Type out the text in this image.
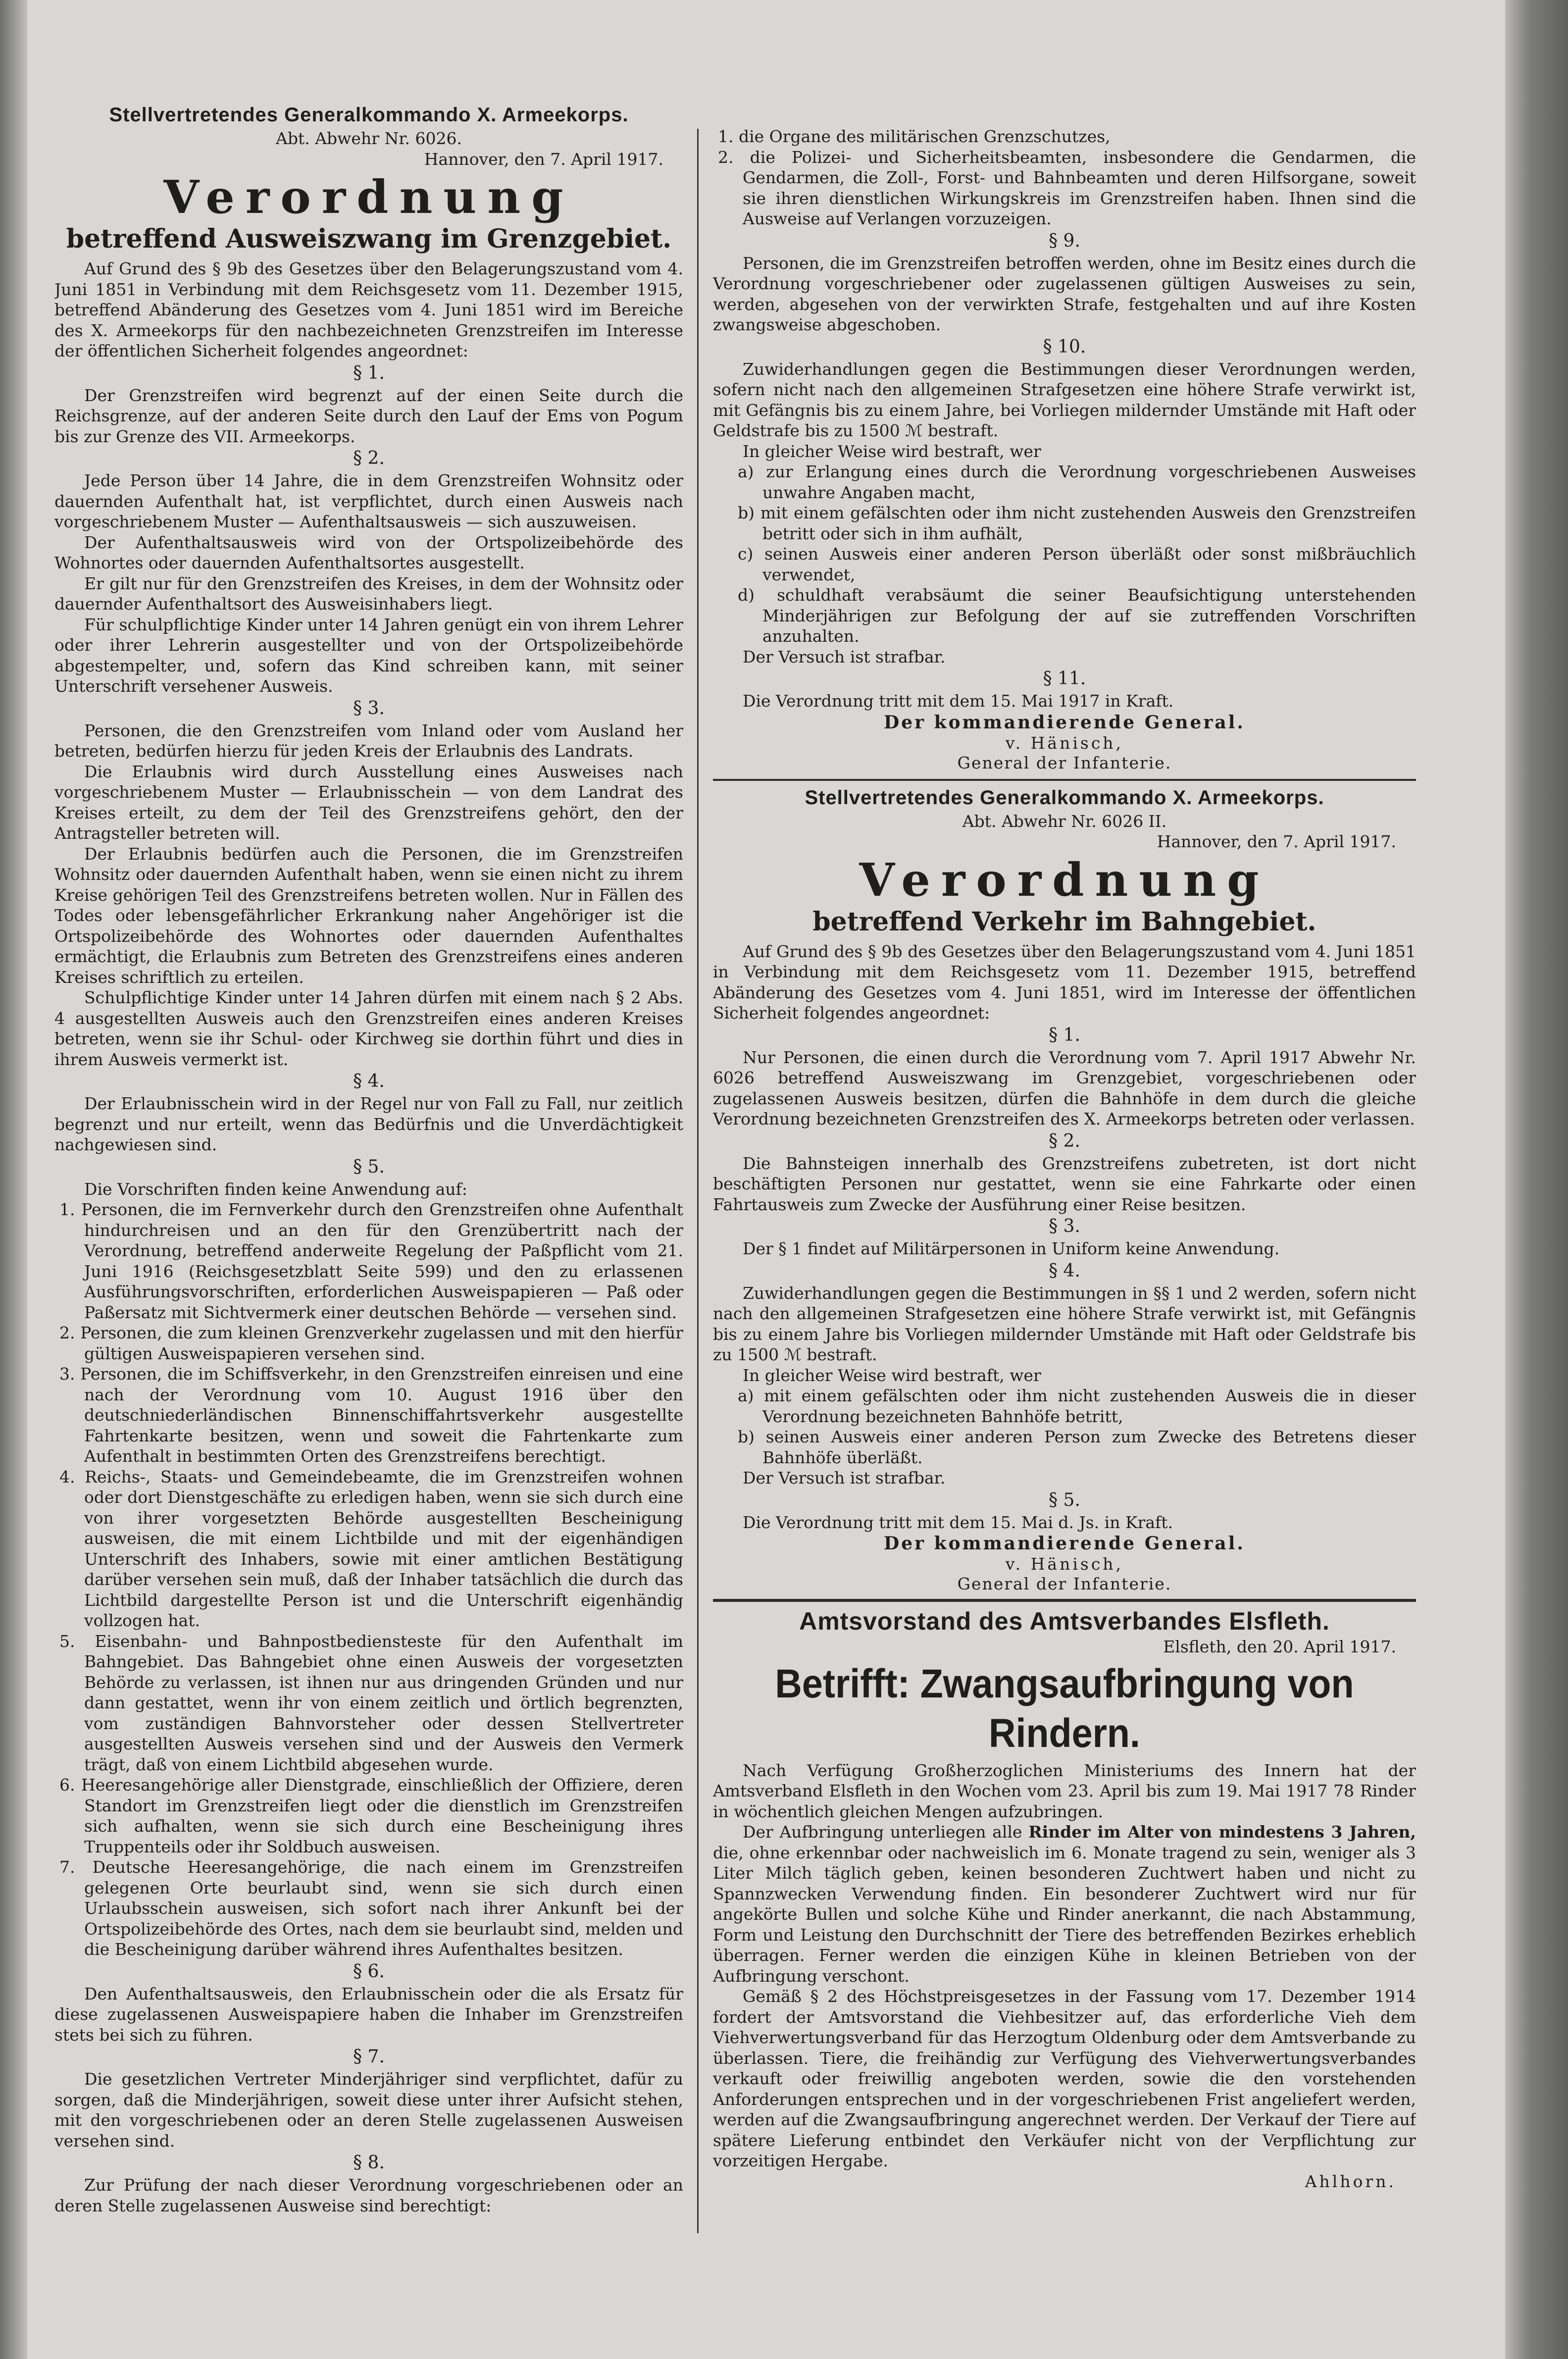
Stellvertretendes Generalkommando X. Armeekorps.

Abt. Abwehr Nr. 6026.

Hannover, den 7. April 1917.

Verordnung

betreffend Ausweiszwang im Grenzgebiet.

Auf Grund des § 9b des Gesetzes über den Belagerungszustand vom 4. Juni 1851 in Verbindung mit dem Reichsgesetz vom 11. Dezember 1915, betreffend Abänderung des Gesetzes vom 4. Juni 1851 wird im Bereiche des X. Armeekorps für den nachbezeichneten Grenzstreifen im Interesse der öffentlichen Sicherheit folgendes angeordnet:

§ 1.

Der Grenzstreifen wird begrenzt auf der einen Seite durch die Reichsgrenze, auf der anderen Seite durch den Lauf der Ems von Pogum bis zur Grenze des VII. Armeekorps.

§ 2.

Jede Person über 14 Jahre, die in dem Grenzstreifen Wohnsitz oder dauernden Aufenthalt hat, ist verpflichtet, durch einen Ausweis nach vorgeschriebenem Muster — Aufenthaltsausweis — sich auszuweisen.

Der Aufenthaltsausweis wird von der Ortspolizeibehörde des Wohnortes oder dauernden Aufenthaltsortes ausgestellt.

Er gilt nur für den Grenzstreifen des Kreises, in dem der Wohnsitz oder dauernder Aufenthaltsort des Ausweisinhabers liegt.

Für schulpflichtige Kinder unter 14 Jahren genügt ein von ihrem Lehrer oder ihrer Lehrerin ausgestellter und von der Ortspolizeibehörde abgestempelter, und, sofern das Kind schreiben kann, mit seiner Unterschrift versehener Ausweis.

§ 3.

Personen, die den Grenzstreifen vom Inland oder vom Ausland her betreten, bedürfen hierzu für jeden Kreis der Erlaubnis des Landrats.

Die Erlaubnis wird durch Ausstellung eines Ausweises nach vorgeschriebenem Muster — Erlaubnisschein — von dem Landrat des Kreises erteilt, zu dem der Teil des Grenzstreifens gehört, den der Antragsteller betreten will.

Der Erlaubnis bedürfen auch die Personen, die im Grenzstreifen Wohnsitz oder dauernden Aufenthalt haben, wenn sie einen nicht zu ihrem Kreise gehörigen Teil des Grenzstreifens betreten wollen. Nur in Fällen des Todes oder lebensgefährlicher Erkrankung naher Angehöriger ist die Ortspolizeibehörde des Wohnortes oder dauernden Aufenthaltes ermächtigt, die Erlaubnis zum Betreten des Grenzstreifens eines anderen Kreises schriftlich zu erteilen.

Schulpflichtige Kinder unter 14 Jahren dürfen mit einem nach § 2 Abs. 4 ausgestellten Ausweis auch den Grenzstreifen eines anderen Kreises betreten, wenn sie ihr Schul- oder Kirchweg sie dorthin führt und dies in ihrem Ausweis vermerkt ist.

§ 4.

Der Erlaubnisschein wird in der Regel nur von Fall zu Fall, nur zeitlich begrenzt und nur erteilt, wenn das Bedürfnis und die Unverdächtigkeit nachgewiesen sind.

§ 5.

Die Vorschriften finden keine Anwendung auf:

1. Personen, die im Fernverkehr durch den Grenzstreifen ohne Aufenthalt hindurchreisen und an den für den Grenzübertritt nach der Verordnung, betreffend anderweite Regelung der Paßpflicht vom 21. Juni 1916 (Reichsgesetzblatt Seite 599) und den zu erlassenen Ausführungsvorschriften, erforderlichen Ausweispapieren — Paß oder Paßersatz mit Sichtvermerk einer deutschen Behörde — versehen sind.
2. Personen, die zum kleinen Grenzverkehr zugelassen und mit den hierfür gültigen Ausweispapieren versehen sind.
3. Personen, die im Schiffsverkehr, in den Grenzstreifen einreisen und eine nach der Verordnung vom 10. August 1916 über den deutschniederländischen Binnenschiffahrtsverkehr ausgestellte Fahrtenkarte besitzen, wenn und soweit die Fahrtenkarte zum Aufenthalt in bestimmten Orten des Grenzstreifens berechtigt.
4. Reichs-, Staats- und Gemeindebeamte, die im Grenzstreifen wohnen oder dort Dienstgeschäfte zu erledigen haben, wenn sie sich durch eine von ihrer vorgesetzten Behörde ausgestellten Bescheinigung ausweisen, die mit einem Lichtbilde und mit der eigenhändigen Unterschrift des Inhabers, sowie mit einer amtlichen Bestätigung darüber versehen sein muß, daß der Inhaber tatsächlich die durch das Lichtbild dargestellte Person ist und die Unterschrift eigenhändig vollzogen hat.
5. Eisenbahn- und Bahnpostbediensteste für den Aufenthalt im Bahngebiet. Das Bahngebiet ohne einen Ausweis der vorgesetzten Behörde zu verlassen, ist ihnen nur aus dringenden Gründen und nur dann gestattet, wenn ihr von einem zeitlich und örtlich begrenzten, vom zuständigen Bahnvorsteher oder dessen Stellvertreter ausgestellten Ausweis versehen sind und der Ausweis den Vermerk trägt, daß von einem Lichtbild abgesehen wurde.
6. Heeresangehörige aller Dienstgrade, einschließlich der Offiziere, deren Standort im Grenzstreifen liegt oder die dienstlich im Grenzstreifen sich aufhalten, wenn sie sich durch eine Bescheinigung ihres Truppenteils oder ihr Soldbuch ausweisen.
7. Deutsche Heeresangehörige, die nach einem im Grenzstreifen gelegenen Orte beurlaubt sind, wenn sie sich durch einen Urlaubsschein ausweisen, sich sofort nach ihrer Ankunft bei der Ortspolizeibehörde des Ortes, nach dem sie beurlaubt sind, melden und die Bescheinigung darüber während ihres Aufenthaltes besitzen.

§ 6.

Den Aufenthaltsausweis, den Erlaubnisschein oder die als Ersatz für diese zugelassenen Ausweispapiere haben die Inhaber im Grenzstreifen stets bei sich zu führen.

§ 7.

Die gesetzlichen Vertreter Minderjähriger sind verpflichtet, dafür zu sorgen, daß die Minderjährigen, soweit diese unter ihrer Aufsicht stehen, mit den vorgeschriebenen oder an deren Stelle zugelassenen Ausweisen versehen sind.

§ 8.

Zur Prüfung der nach dieser Verordnung vorgeschriebenen oder an deren Stelle zugelassenen Ausweise sind berechtigt:

1. die Organe des militärischen Grenzschutzes,
2. die Polizei- und Sicherheitsbeamten, insbesondere die Gendarmen, die Gendarmen, die Zoll-, Forst- und Bahnbeamten und deren Hilfsorgane, soweit sie ihren dienstlichen Wirkungskreis im Grenzstreifen haben. Ihnen sind die Ausweise auf Verlangen vorzuzeigen.

§ 9.

Personen, die im Grenzstreifen betroffen werden, ohne im Besitz eines durch die Verordnung vorgeschriebener oder zugelassenen gültigen Ausweises zu sein, werden, abgesehen von der verwirkten Strafe, festgehalten und auf ihre Kosten zwangsweise abgeschoben.

§ 10.

Zuwiderhandlungen gegen die Bestimmungen dieser Verordnungen werden, sofern nicht nach den allgemeinen Strafgesetzen eine höhere Strafe verwirkt ist, mit Gefängnis bis zu einem Jahre, bei Vorliegen mildernder Umstände mit Haft oder Geldstrafe bis zu 1500 ℳ bestraft.

In gleicher Weise wird bestraft, wer

a) zur Erlangung eines durch die Verordnung vorgeschriebenen Ausweises unwahre Angaben macht,
b) mit einem gefälschten oder ihm nicht zustehenden Ausweis den Grenzstreifen betritt oder sich in ihm aufhält,
c) seinen Ausweis einer anderen Person überläßt oder sonst mißbräuchlich verwendet,
d) schuldhaft verabsäumt die seiner Beaufsichtigung unterstehenden Minderjährigen zur Befolgung der auf sie zutreffenden Vorschriften anzuhalten.

Der Versuch ist strafbar.

§ 11.

Die Verordnung tritt mit dem 15. Mai 1917 in Kraft.

Der kommandierende General.

v. Hänisch,

General der Infanterie.

Stellvertretendes Generalkommando X. Armeekorps.

Abt. Abwehr Nr. 6026 II.

Hannover, den 7. April 1917.

Verordnung

betreffend Verkehr im Bahngebiet.

Auf Grund des § 9b des Gesetzes über den Belagerungszustand vom 4. Juni 1851 in Verbindung mit dem Reichsgesetz vom 11. Dezember 1915, betreffend Abänderung des Gesetzes vom 4. Juni 1851, wird im Interesse der öffentlichen Sicherheit folgendes angeordnet:

§ 1.

Nur Personen, die einen durch die Verordnung vom 7. April 1917 Abwehr Nr. 6026 betreffend Ausweiszwang im Grenzgebiet, vorgeschriebenen oder zugelassenen Ausweis besitzen, dürfen die Bahnhöfe in dem durch die gleiche Verordnung bezeichneten Grenzstreifen des X. Armeekorps betreten oder verlassen.

§ 2.

Die Bahnsteigen innerhalb des Grenzstreifens zubetreten, ist dort nicht beschäftigten Personen nur gestattet, wenn sie eine Fahrkarte oder einen Fahrtausweis zum Zwecke der Ausführung einer Reise besitzen.

§ 3.

Der § 1 findet auf Militärpersonen in Uniform keine Anwendung.

§ 4.

Zuwiderhandlungen gegen die Bestimmungen in §§ 1 und 2 werden, sofern nicht nach den allgemeinen Strafgesetzen eine höhere Strafe verwirkt ist, mit Gefängnis bis zu einem Jahre bis Vorliegen mildernder Umstände mit Haft oder Geldstrafe bis zu 1500 ℳ bestraft.

In gleicher Weise wird bestraft, wer

a) mit einem gefälschten oder ihm nicht zustehenden Ausweis die in dieser Verordnung bezeichneten Bahnhöfe betritt,
b) seinen Ausweis einer anderen Person zum Zwecke des Betretens dieser Bahnhöfe überläßt.

Der Versuch ist strafbar.

§ 5.

Die Verordnung tritt mit dem 15. Mai d. Js. in Kraft.

Der kommandierende General.

v. Hänisch,

General der Infanterie.

Amtsvorstand des Amtsverbandes Elsfleth.

Elsfleth, den 20. April 1917.

Betrifft: Zwangsaufbringung von Rindern.

Nach Verfügung Großherzoglichen Ministeriums des Innern hat der Amtsverband Elsfleth in den Wochen vom 23. April bis zum 19. Mai 1917 78 Rinder in wöchentlich gleichen Mengen aufzubringen.

Der Aufbringung unterliegen alle Rinder im Alter von mindestens 3 Jahren, die, ohne erkennbar oder nachweislich im 6. Monate tragend zu sein, weniger als 3 Liter Milch täglich geben, keinen besonderen Zuchtwert haben und nicht zu Spannzwecken Verwendung finden. Ein besonderer Zuchtwert wird nur für angekörte Bullen und solche Kühe und Rinder anerkannt, die nach Abstammung, Form und Leistung den Durchschnitt der Tiere des betreffenden Bezirkes erheblich überragen. Ferner werden die einzigen Kühe in kleinen Betrieben von der Aufbringung verschont.

Gemäß § 2 des Höchstpreisgesetzes in der Fassung vom 17. Dezember 1914 fordert der Amtsvorstand die Viehbesitzer auf, das erforderliche Vieh dem Viehverwertungsverband für das Herzogtum Oldenburg oder dem Amtsverbande zu überlassen. Tiere, die freihändig zur Verfügung des Viehverwertungsverbandes verkauft oder freiwillig angeboten werden, sowie die den vorstehenden Anforderungen entsprechen und in der vorgeschriebenen Frist angeliefert werden, werden auf die Zwangsaufbringung angerechnet werden. Der Verkauf der Tiere auf spätere Lieferung entbindet den Verkäufer nicht von der Verpflichtung zur vorzeitigen Hergabe.

Ahlhorn.
